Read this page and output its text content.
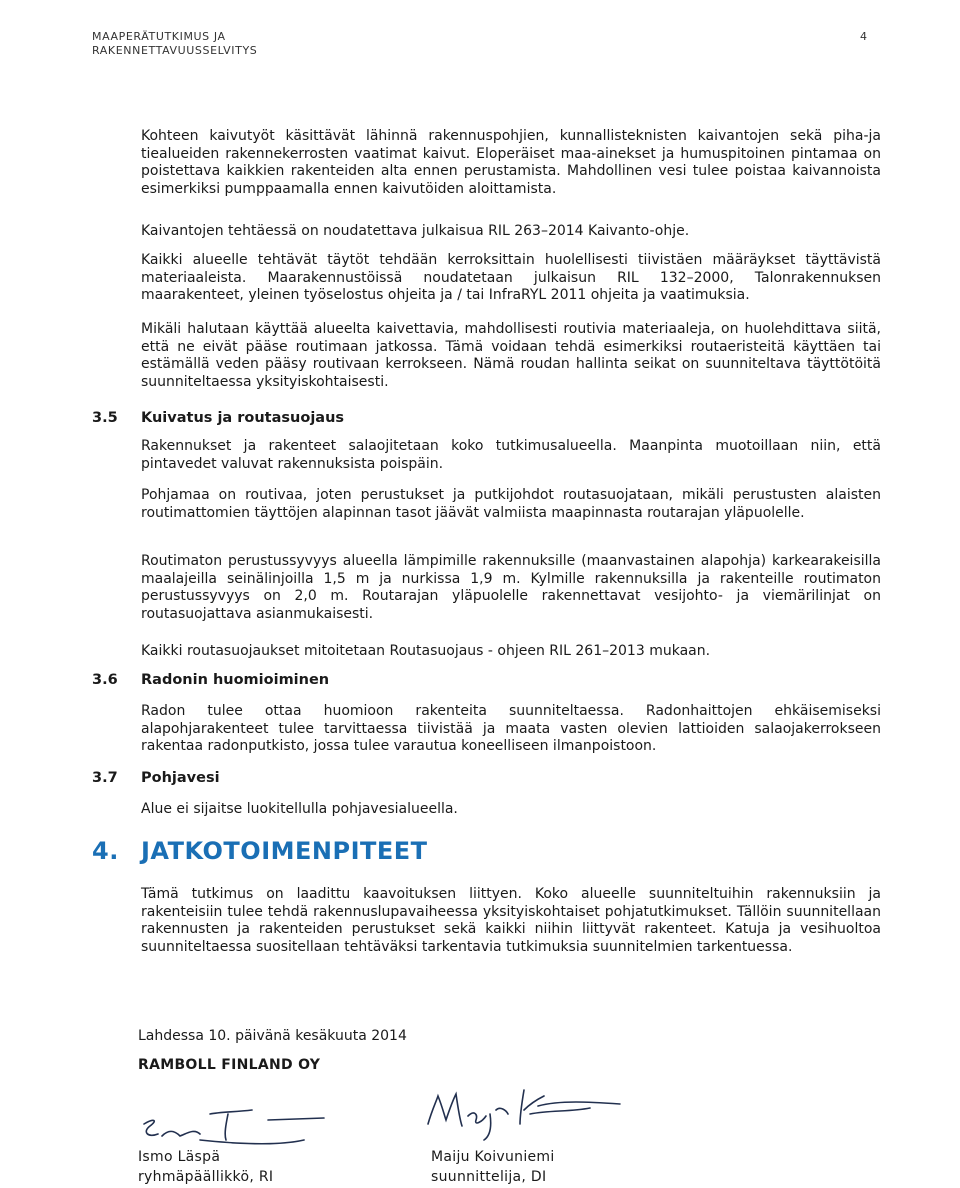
MAAPERÄTUTKIMUS JA
RAKENNETTAVUUSSELVITYS
4

Kohteen kaivutyöt käsittävät lähinnä rakennuspohjien, kunnallisteknisten kaivantojen sekä piha-ja tiealueiden rakennekerrosten vaatimat kaivut. Eloperäiset maa-ainekset ja humuspitoinen pintamaa on poistettava kaikkien rakenteiden alta ennen perustamista. Mahdollinen vesi tulee poistaa kaivannoista esimerkiksi pumppaamalla ennen kaivutöiden aloittamista.

Kaivantojen tehtäessä on noudatettava julkaisua RIL 263–2014 Kaivanto-ohje.

Kaikki alueelle tehtävät täytöt tehdään kerroksittain huolellisesti tiivistäen määräykset täyttävistä materiaaleista. Maarakennustöissä noudatetaan julkaisun RIL 132–2000, Talonrakennuksen maarakenteet, yleinen työselostus ohjeita ja / tai InfraRYL 2011 ohjeita ja vaatimuksia.

Mikäli halutaan käyttää alueelta kaivettavia, mahdollisesti routivia materiaaleja, on huolehdittava siitä, että ne eivät pääse routimaan jatkossa. Tämä voidaan tehdä esimerkiksi routaeristeitä käyttäen tai estämällä veden pääsy routivaan kerrokseen. Nämä roudan hallinta seikat on suunniteltava täyttötöitä suunniteltaessa yksityiskohtaisesti.

3.5 Kuivatus ja routasuojaus

Rakennukset ja rakenteet salaojitetaan koko tutkimusalueella. Maanpinta muotoillaan niin, että pintavedet valuvat rakennuksista poispäin.

Pohjamaa on routivaa, joten perustukset ja putkijohdot routasuojataan, mikäli perustusten alaisten routimattomien täyttöjen alapinnan tasot jäävät valmiista maapinnasta routarajan yläpuolelle.

Routimaton perustussyvyys alueella lämpimille rakennuksille (maanvastainen alapohja) karkearakeisilla maalajeilla seinälinjoilla 1,5 m ja nurkissa 1,9 m. Kylmille rakennuksilla ja rakenteille routimaton perustussyvyys on 2,0 m. Routarajan yläpuolelle rakennettavat vesijohto- ja viemärilinjat on routasuojattava asianmukaisesti.

Kaikki routasuojaukset mitoitetaan Routasuojaus - ohjeen RIL 261–2013 mukaan.

3.6 Radonin huomioiminen

Radon tulee ottaa huomioon rakenteita suunniteltaessa. Radonhaittojen ehkäisemiseksi alapohjarakenteet tulee tarvittaessa tiivistää ja maata vasten olevien lattioiden salaojakerrokseen rakentaa radonputkisto, jossa tulee varautua koneelliseen ilmanpoistoon.

3.7 Pohjavesi

Alue ei sijaitse luokitellulla pohjavesialueella.

4. JATKOTOIMENPITEET

Tämä tutkimus on laadittu kaavoituksen liittyen. Koko alueelle suunniteltuihin rakennuksiin ja rakenteisiin tulee tehdä rakennuslupavaiheessa yksityiskohtaiset pohjatutkimukset. Tällöin suunnitellaan rakennusten ja rakenteiden perustukset sekä kaikki niihin liittyvät rakenteet. Katuja ja vesihuoltoa suunniteltaessa suositellaan tehtäväksi tarkentavia tutkimuksia suunnitelmien tarkentuessa.

Lahdessa 10. päivänä kesäkuuta 2014
RAMBOLL FINLAND OY
Ismo Läspä
ryhmäpäällikkö, RI
Maiju Koivuniemi
suunnittelija, DI
